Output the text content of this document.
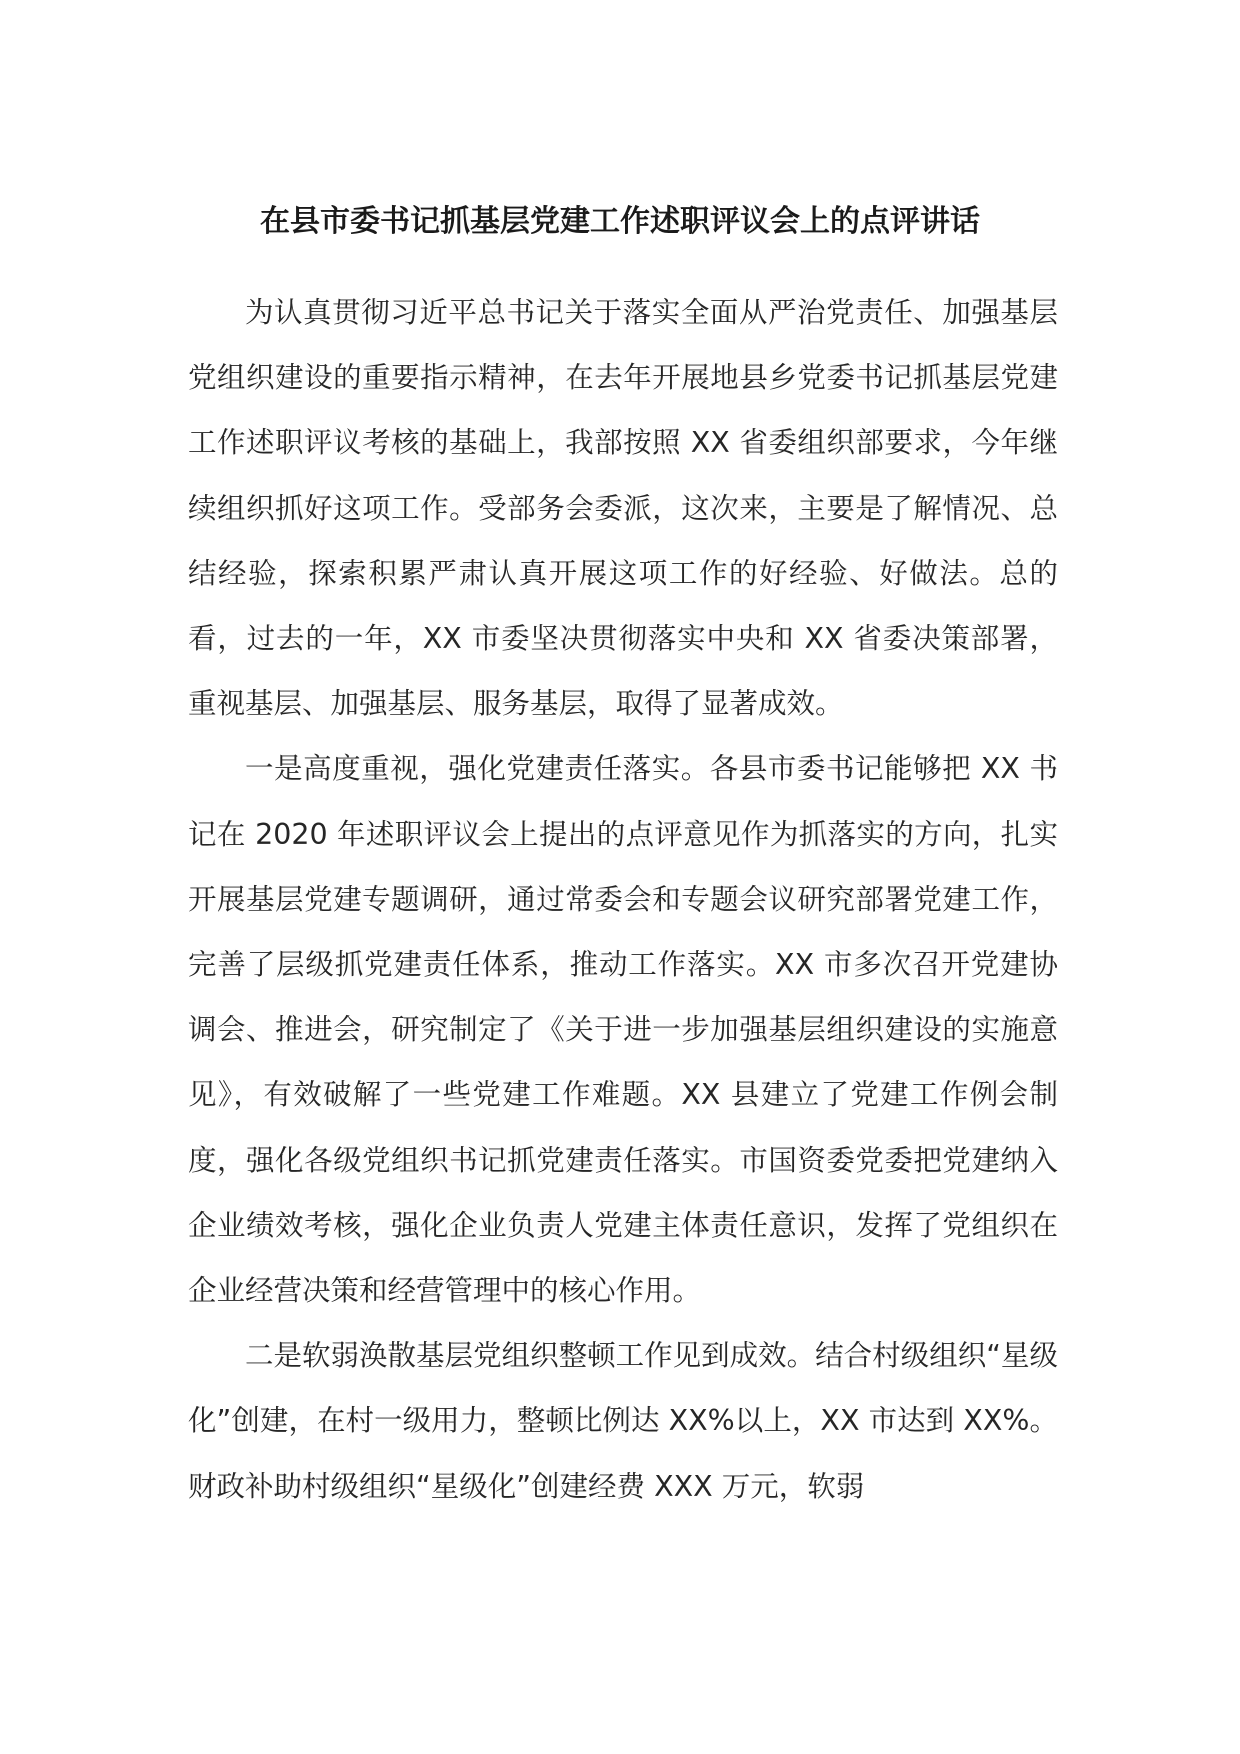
在县市委书记抓基层党建工作述职评议会上的点评讲话

为认真贯彻习近平总书记关于落实全面从严治党责任、加强基层党组织建设的重要指示精神，在去年开展地县乡党委书记抓基层党建工作述职评议考核的基础上，我部按照 XX 省委组织部要求，今年继续组织抓好这项工作。受部务会委派，这次来，主要是了解情况、总结经验，探索积累严肃认真开展这项工作的好经验、好做法。总的看，过去的一年，XX 市委坚决贯彻落实中央和 XX 省委决策部署，重视基层、加强基层、服务基层，取得了显著成效。

一是高度重视，强化党建责任落实。各县市委书记能够把 XX 书记在 2020 年述职评议会上提出的点评意见作为抓落实的方向，扎实开展基层党建专题调研，通过常委会和专题会议研究部署党建工作，完善了层级抓党建责任体系，推动工作落实。XX 市多次召开党建协调会、推进会，研究制定了《关于进一步加强基层组织建设的实施意见》，有效破解了一些党建工作难题。XX 县建立了党建工作例会制度，强化各级党组织书记抓党建责任落实。市国资委党委把党建纳入企业绩效考核，强化企业负责人党建主体责任意识，发挥了党组织在企业经营决策和经营管理中的核心作用。

二是软弱涣散基层党组织整顿工作见到成效。结合村级组织“星级化”创建，在村一级用力，整顿比例达 XX%以上，XX 市达到 XX%。财政补助村级组织“星级化”创建经费 XXX 万元，软弱
